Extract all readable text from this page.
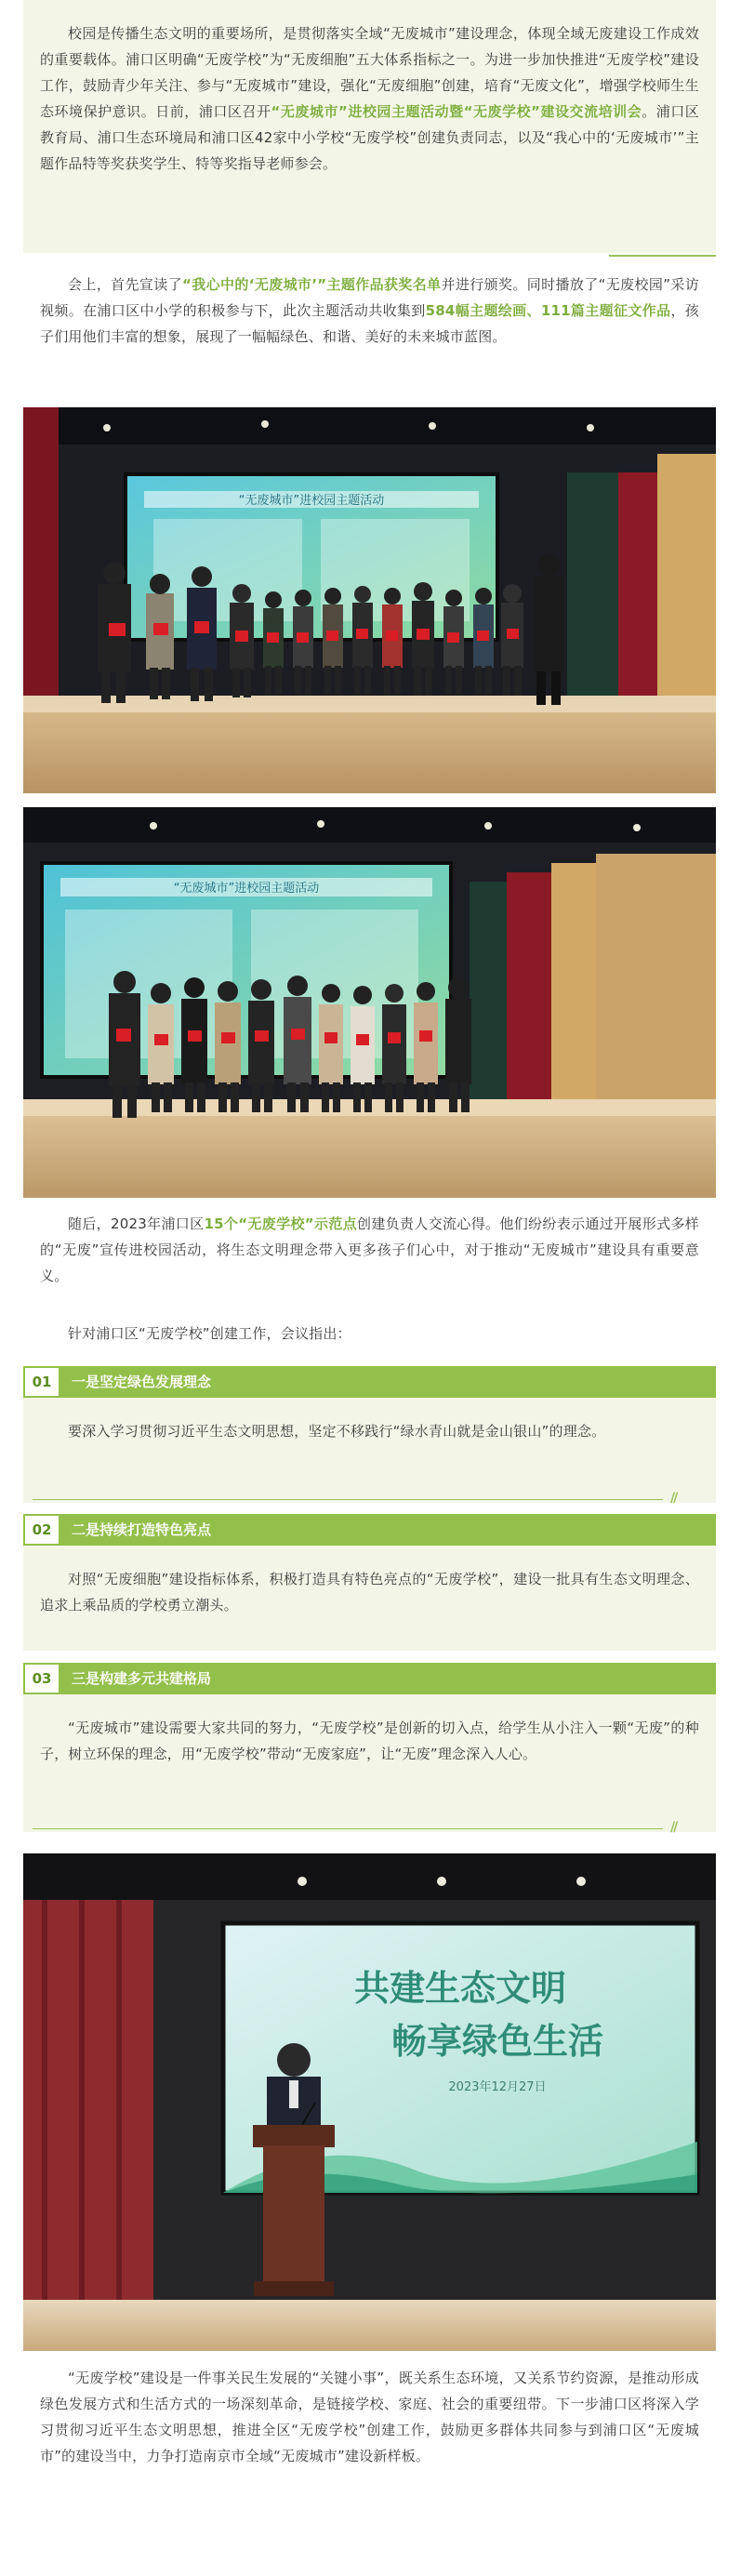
校园是传播生态文明的重要场所，是贯彻落实全域“无废城市”建设理念，体现全域无废建设工作成效的重要载体。浦口区明确“无废学校”为“无废细胞”五大体系指标之一。为进一步加快推进“无废学校”建设工作，鼓励青少年关注、参与“无废城市”建设，强化“无废细胞”创建，培育“无废文化”，增强学校师生生态环境保护意识。日前，浦口区召开“无废城市”进校园主题活动暨“无废学校”建设交流培训会。浦口区教育局、浦口生态环境局和浦口区42家中小学校“无废学校”创建负责同志，以及“我心中的‘无废城市’”主题作品特等奖获奖学生、特等奖指导老师参会。
会上，首先宣读了“我心中的‘无废城市’”主题作品获奖名单并进行颁奖。同时播放了“无废校园”采访视频。在浦口区中小学的积极参与下，此次主题活动共收集到584幅主题绘画、111篇主题征文作品，孩子们用他们丰富的想象，展现了一幅幅绿色、和谐、美好的未来城市蓝图。
“无废城市”进校园主题活动
“无废城市”进校园主题活动
随后，2023年浦口区15个“无废学校”示范点创建负责人交流心得。他们纷纷表示通过开展形式多样的“无废”宣传进校园活动，将生态文明理念带入更多孩子们心中，对于推动“无废城市”建设具有重要意义。
针对浦口区“无废学校”创建工作，会议指出：
01	一是坚定绿色发展理念
要深入学习贯彻习近平生态文明思想，坚定不移践行“绿水青山就是金山银山”的理念。
//
02	二是持续打造特色亮点
对照“无废细胞”建设指标体系，积极打造具有特色亮点的“无废学校”，建设一批具有生态文明理念、追求上乘品质的学校勇立潮头。
03	三是构建多元共建格局
“无废城市”建设需要大家共同的努力，“无废学校”是创新的切入点，给学生从小注入一颗“无废”的种子，树立环保的理念，用“无废学校”带动“无废家庭”，让“无废”理念深入人心。
//
共建生态文明
畅享绿色生活
2023年12月27日
“无废学校”建设是一件事关民生发展的“关键小事”，既关系生态环境，又关系节约资源，是推动形成绿色发展方式和生活方式的一场深刻革命，是链接学校、家庭、社会的重要纽带。下一步浦口区将深入学习贯彻习近平生态文明思想，推进全区“无废学校”创建工作，鼓励更多群体共同参与到浦口区“无废城市”的建设当中，力争打造南京市全域“无废城市”建设新样板。
